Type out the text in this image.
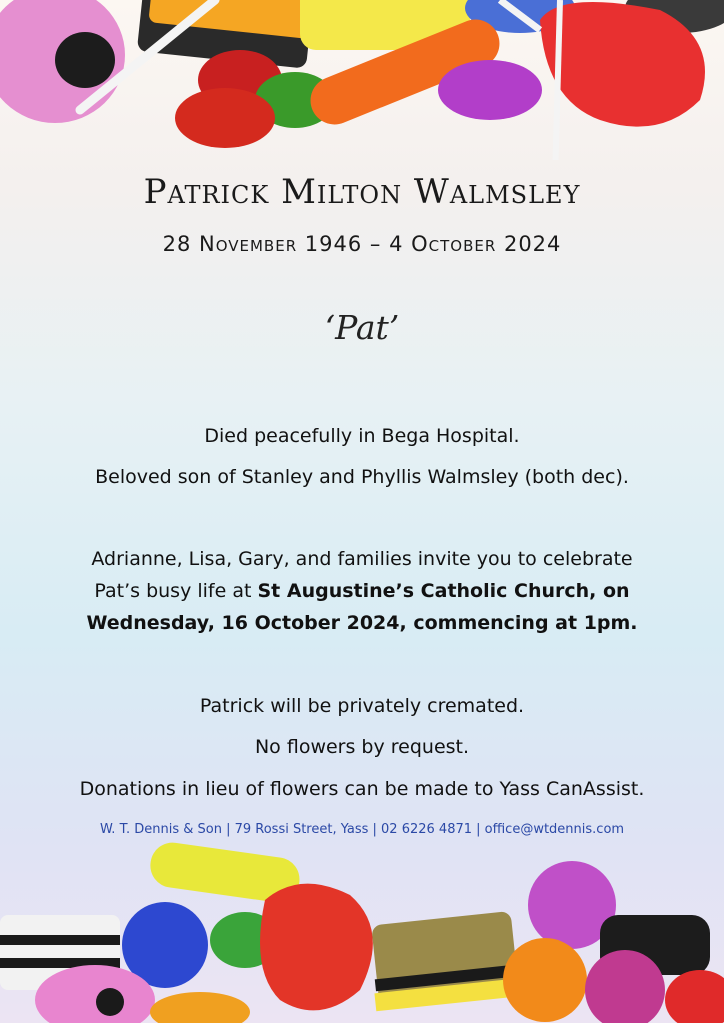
Patrick Milton Walmsley
28 November 1946 – 4 October 2024
‘Pat’
Died peacefully in Bega Hospital.
Beloved son of Stanley and Phyllis Walmsley (both dec).
Adrianne, Lisa, Gary, and families invite you to celebrate
Pat’s busy life at St Augustine’s Catholic Church, on
Wednesday, 16 October 2024, commencing at 1pm.
Patrick will be privately cremated.
No flowers by request.
Donations in lieu of flowers can be made to Yass CanAssist.
W. T. Dennis & Son | 79 Rossi Street, Yass | 02 6226 4871 | office@wtdennis.com
